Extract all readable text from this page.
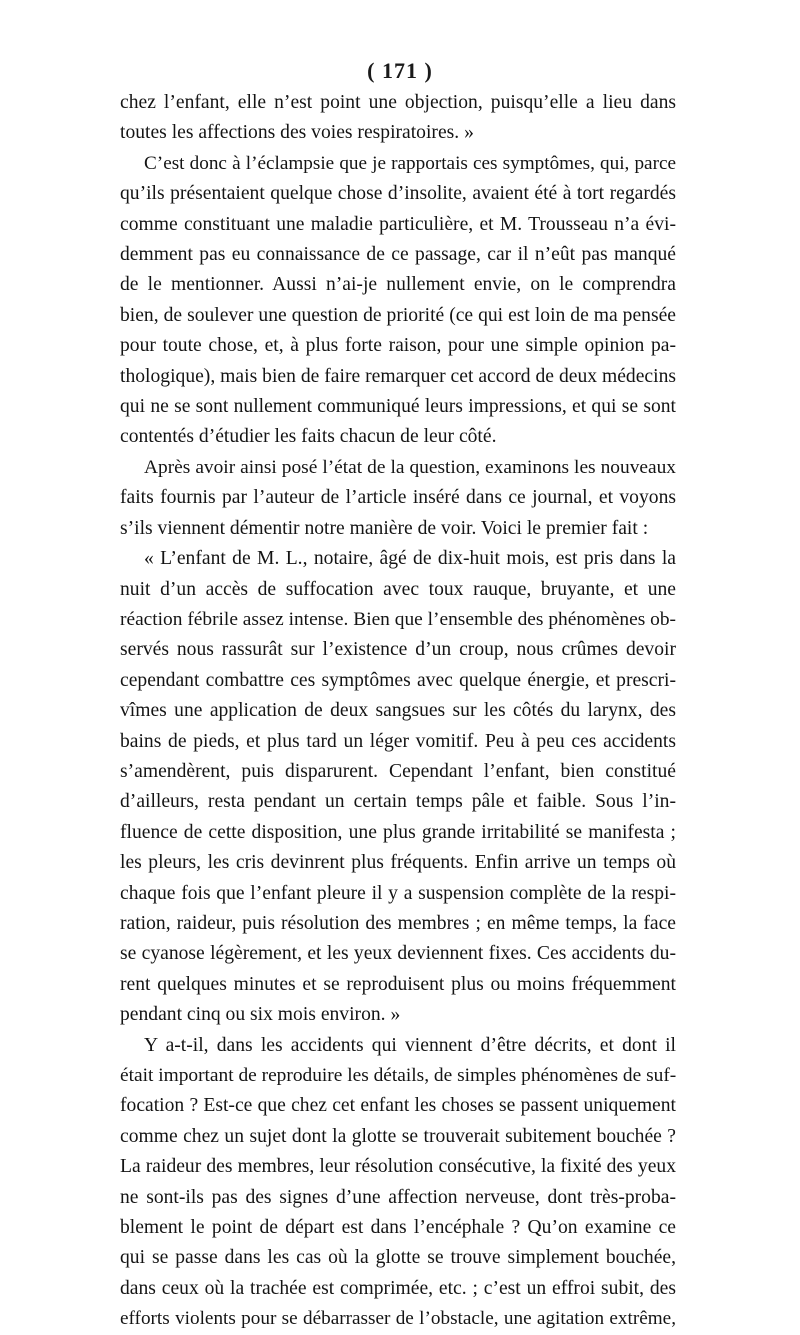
( 171 )
chez l’enfant, elle n’est point une objection, puisqu’elle a lieu dans
toutes les affections des voies respiratoires. »
C’est donc à l’éclampsie que je rapportais ces symptômes, qui, parce
qu’ils présentaient quelque chose d’insolite, avaient été à tort regardés
comme constituant une maladie particulière, et M. Trousseau n’a évi-
demment pas eu connaissance de ce passage, car il n’eût pas manqué
de le mentionner. Aussi n’ai-je nullement envie, on le comprendra
bien, de soulever une question de priorité (ce qui est loin de ma pensée
pour toute chose, et, à plus forte raison, pour une simple opinion pa-
thologique), mais bien de faire remarquer cet accord de deux médecins
qui ne se sont nullement communiqué leurs impressions, et qui se sont
contentés d’étudier les faits chacun de leur côté.
Après avoir ainsi posé l’état de la question, examinons les nouveaux
faits fournis par l’auteur de l’article inséré dans ce journal, et voyons
s’ils viennent démentir notre manière de voir. Voici le premier fait :
« L’enfant de M. L., notaire, âgé de dix-huit mois, est pris dans la
nuit d’un accès de suffocation avec toux rauque, bruyante, et une
réaction fébrile assez intense. Bien que l’ensemble des phénomènes ob-
servés nous rassurât sur l’existence d’un croup, nous crûmes devoir
cependant combattre ces symptômes avec quelque énergie, et prescri-
vîmes une application de deux sangsues sur les côtés du larynx, des
bains de pieds, et plus tard un léger vomitif. Peu à peu ces accidents
s’amendèrent, puis disparurent. Cependant l’enfant, bien constitué
d’ailleurs, resta pendant un certain temps pâle et faible. Sous l’in-
fluence de cette disposition, une plus grande irritabilité se manifesta ;
les pleurs, les cris devinrent plus fréquents. Enfin arrive un temps où
chaque fois que l’enfant pleure il y a suspension complète de la respi-
ration, raideur, puis résolution des membres ; en même temps, la face
se cyanose légèrement, et les yeux deviennent fixes. Ces accidents du-
rent quelques minutes et se reproduisent plus ou moins fréquemment
pendant cinq ou six mois environ. »
Y a-t-il, dans les accidents qui viennent d’être décrits, et dont il
était important de reproduire les détails, de simples phénomènes de suf-
focation ? Est-ce que chez cet enfant les choses se passent uniquement
comme chez un sujet dont la glotte se trouverait subitement bouchée ?
La raideur des membres, leur résolution consécutive, la fixité des yeux
ne sont-ils pas des signes d’une affection nerveuse, dont très-proba-
blement le point de départ est dans l’encéphale ? Qu’on examine ce
qui se passe dans les cas où la glotte se trouve simplement bouchée,
dans ceux où la trachée est comprimée, etc. ; c’est un effroi subit, des
efforts violents pour se débarrasser de l’obstacle, une agitation extrême,
